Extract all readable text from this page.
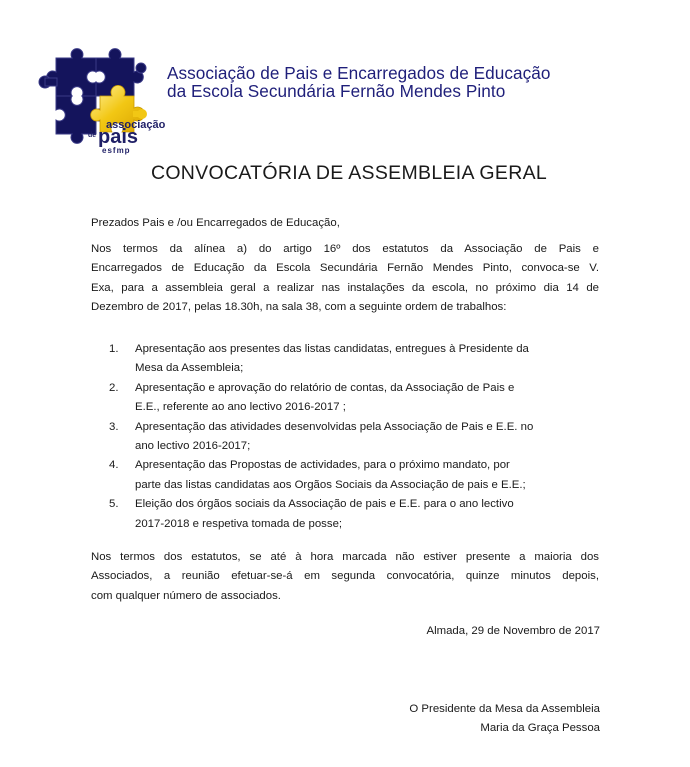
associação
de pais
esfmp
Associação de Pais e Encarregados de Educação
da Escola Secundária Fernão Mendes Pinto
CONVOCATÓRIA DE ASSEMBLEIA GERAL
Prezados Pais e /ou Encarregados de Educação,
Nos termos da alínea a) do artigo 16º dos estatutos da Associação de Pais e
Encarregados de Educação da Escola Secundária Fernão Mendes Pinto, convoca-se V.
Exa, para a assembleia geral a realizar nas instalações da escola, no próximo dia 14 de
Dezembro de 2017, pelas 18.30h, na sala 38, com a seguinte ordem de trabalhos:
1. Apresentação aos presentes das listas candidatas, entregues à Presidente da
Mesa da Assembleia;
2. Apresentação e aprovação do relatório de contas, da Associação de Pais e
E.E., referente ao ano lectivo 2016-2017 ;
3. Apresentação das atividades desenvolvidas pela Associação de Pais e E.E. no
ano lectivo 2016-2017;
4. Apresentação das Propostas de actividades, para o próximo mandato, por
parte das listas candidatas aos Orgãos Sociais da Associação de pais e E.E.;
5. Eleição dos órgãos sociais da Associação de pais e E.E. para o ano lectivo
2017-2018 e respetiva tomada de posse;
Nos termos dos estatutos, se até à hora marcada não estiver presente a maioria dos
Associados, a reunião efetuar-se-á em segunda convocatória, quinze minutos depois,
com qualquer número de associados.
Almada, 29 de Novembro de 2017
O Presidente da Mesa da Assembleia
Maria da Graça Pessoa
